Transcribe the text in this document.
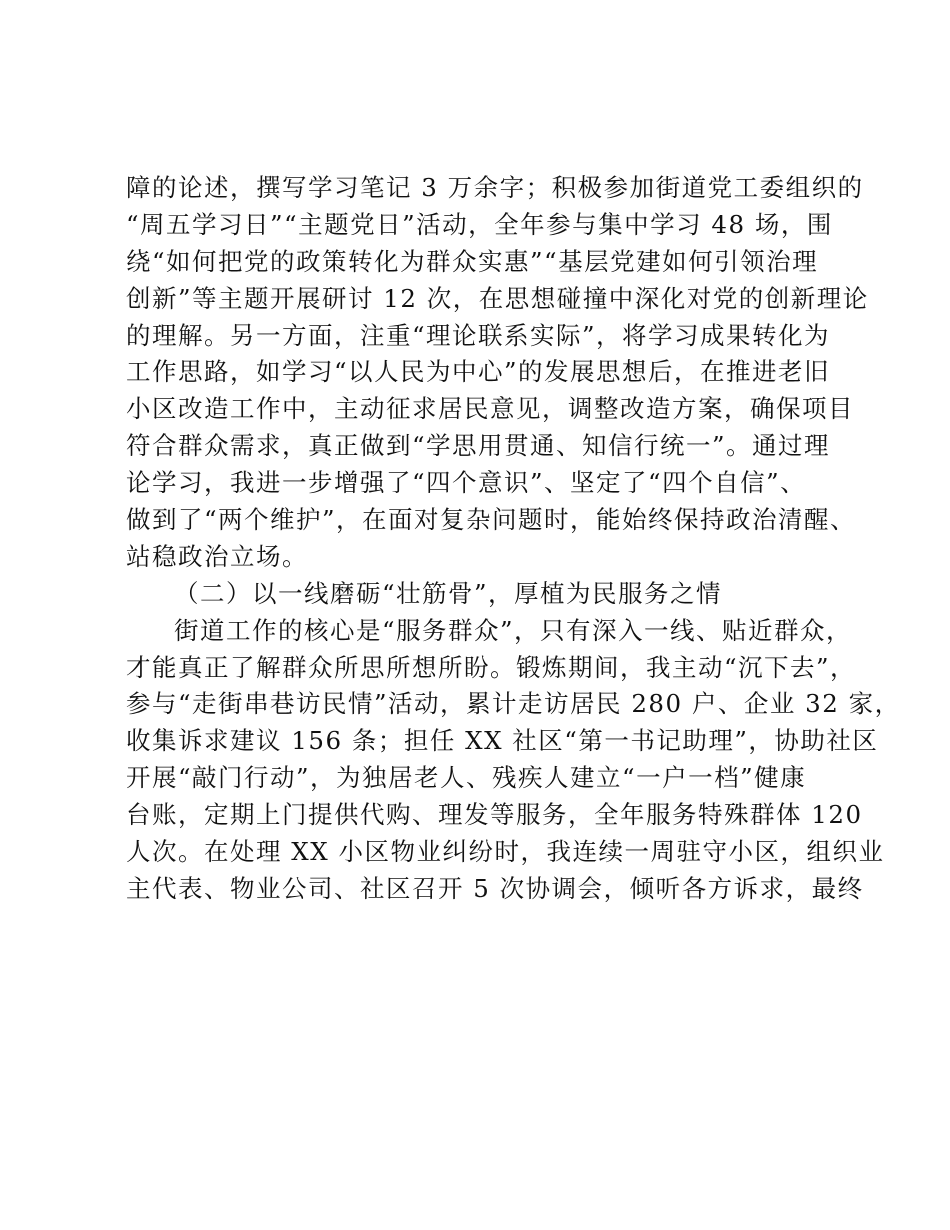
障的论述，撰写学习笔记 3 万余字；积极参加街道党工委组织的
“周五学习日”“主题党日”活动，全年参与集中学习 48 场，围
绕“如何把党的政策转化为群众实惠”“基层党建如何引领治理
创新”等主题开展研讨 12 次，在思想碰撞中深化对党的创新理论
的理解。另一方面，注重“理论联系实际”，将学习成果转化为
工作思路，如学习“以人民为中心”的发展思想后，在推进老旧
小区改造工作中，主动征求居民意见，调整改造方案，确保项目
符合群众需求，真正做到“学思用贯通、知信行统一”。通过理
论学习，我进一步增强了“四个意识”、坚定了“四个自信”、
做到了“两个维护”，在面对复杂问题时，能始终保持政治清醒、
站稳政治立场。
（二）以一线磨砺“壮筋骨”，厚植为民服务之情
街道工作的核心是“服务群众”，只有深入一线、贴近群众，
才能真正了解群众所思所想所盼。锻炼期间，我主动“沉下去”，
参与“走街串巷访民情”活动，累计走访居民 280 户、企业 32 家，
收集诉求建议 156 条；担任 XX 社区“第一书记助理”，协助社区
开展“敲门行动”，为独居老人、残疾人建立“一户一档”健康
台账，定期上门提供代购、理发等服务，全年服务特殊群体 120
人次。在处理 XX 小区物业纠纷时，我连续一周驻守小区，组织业
主代表、物业公司、社区召开 5 次协调会，倾听各方诉求，最终
